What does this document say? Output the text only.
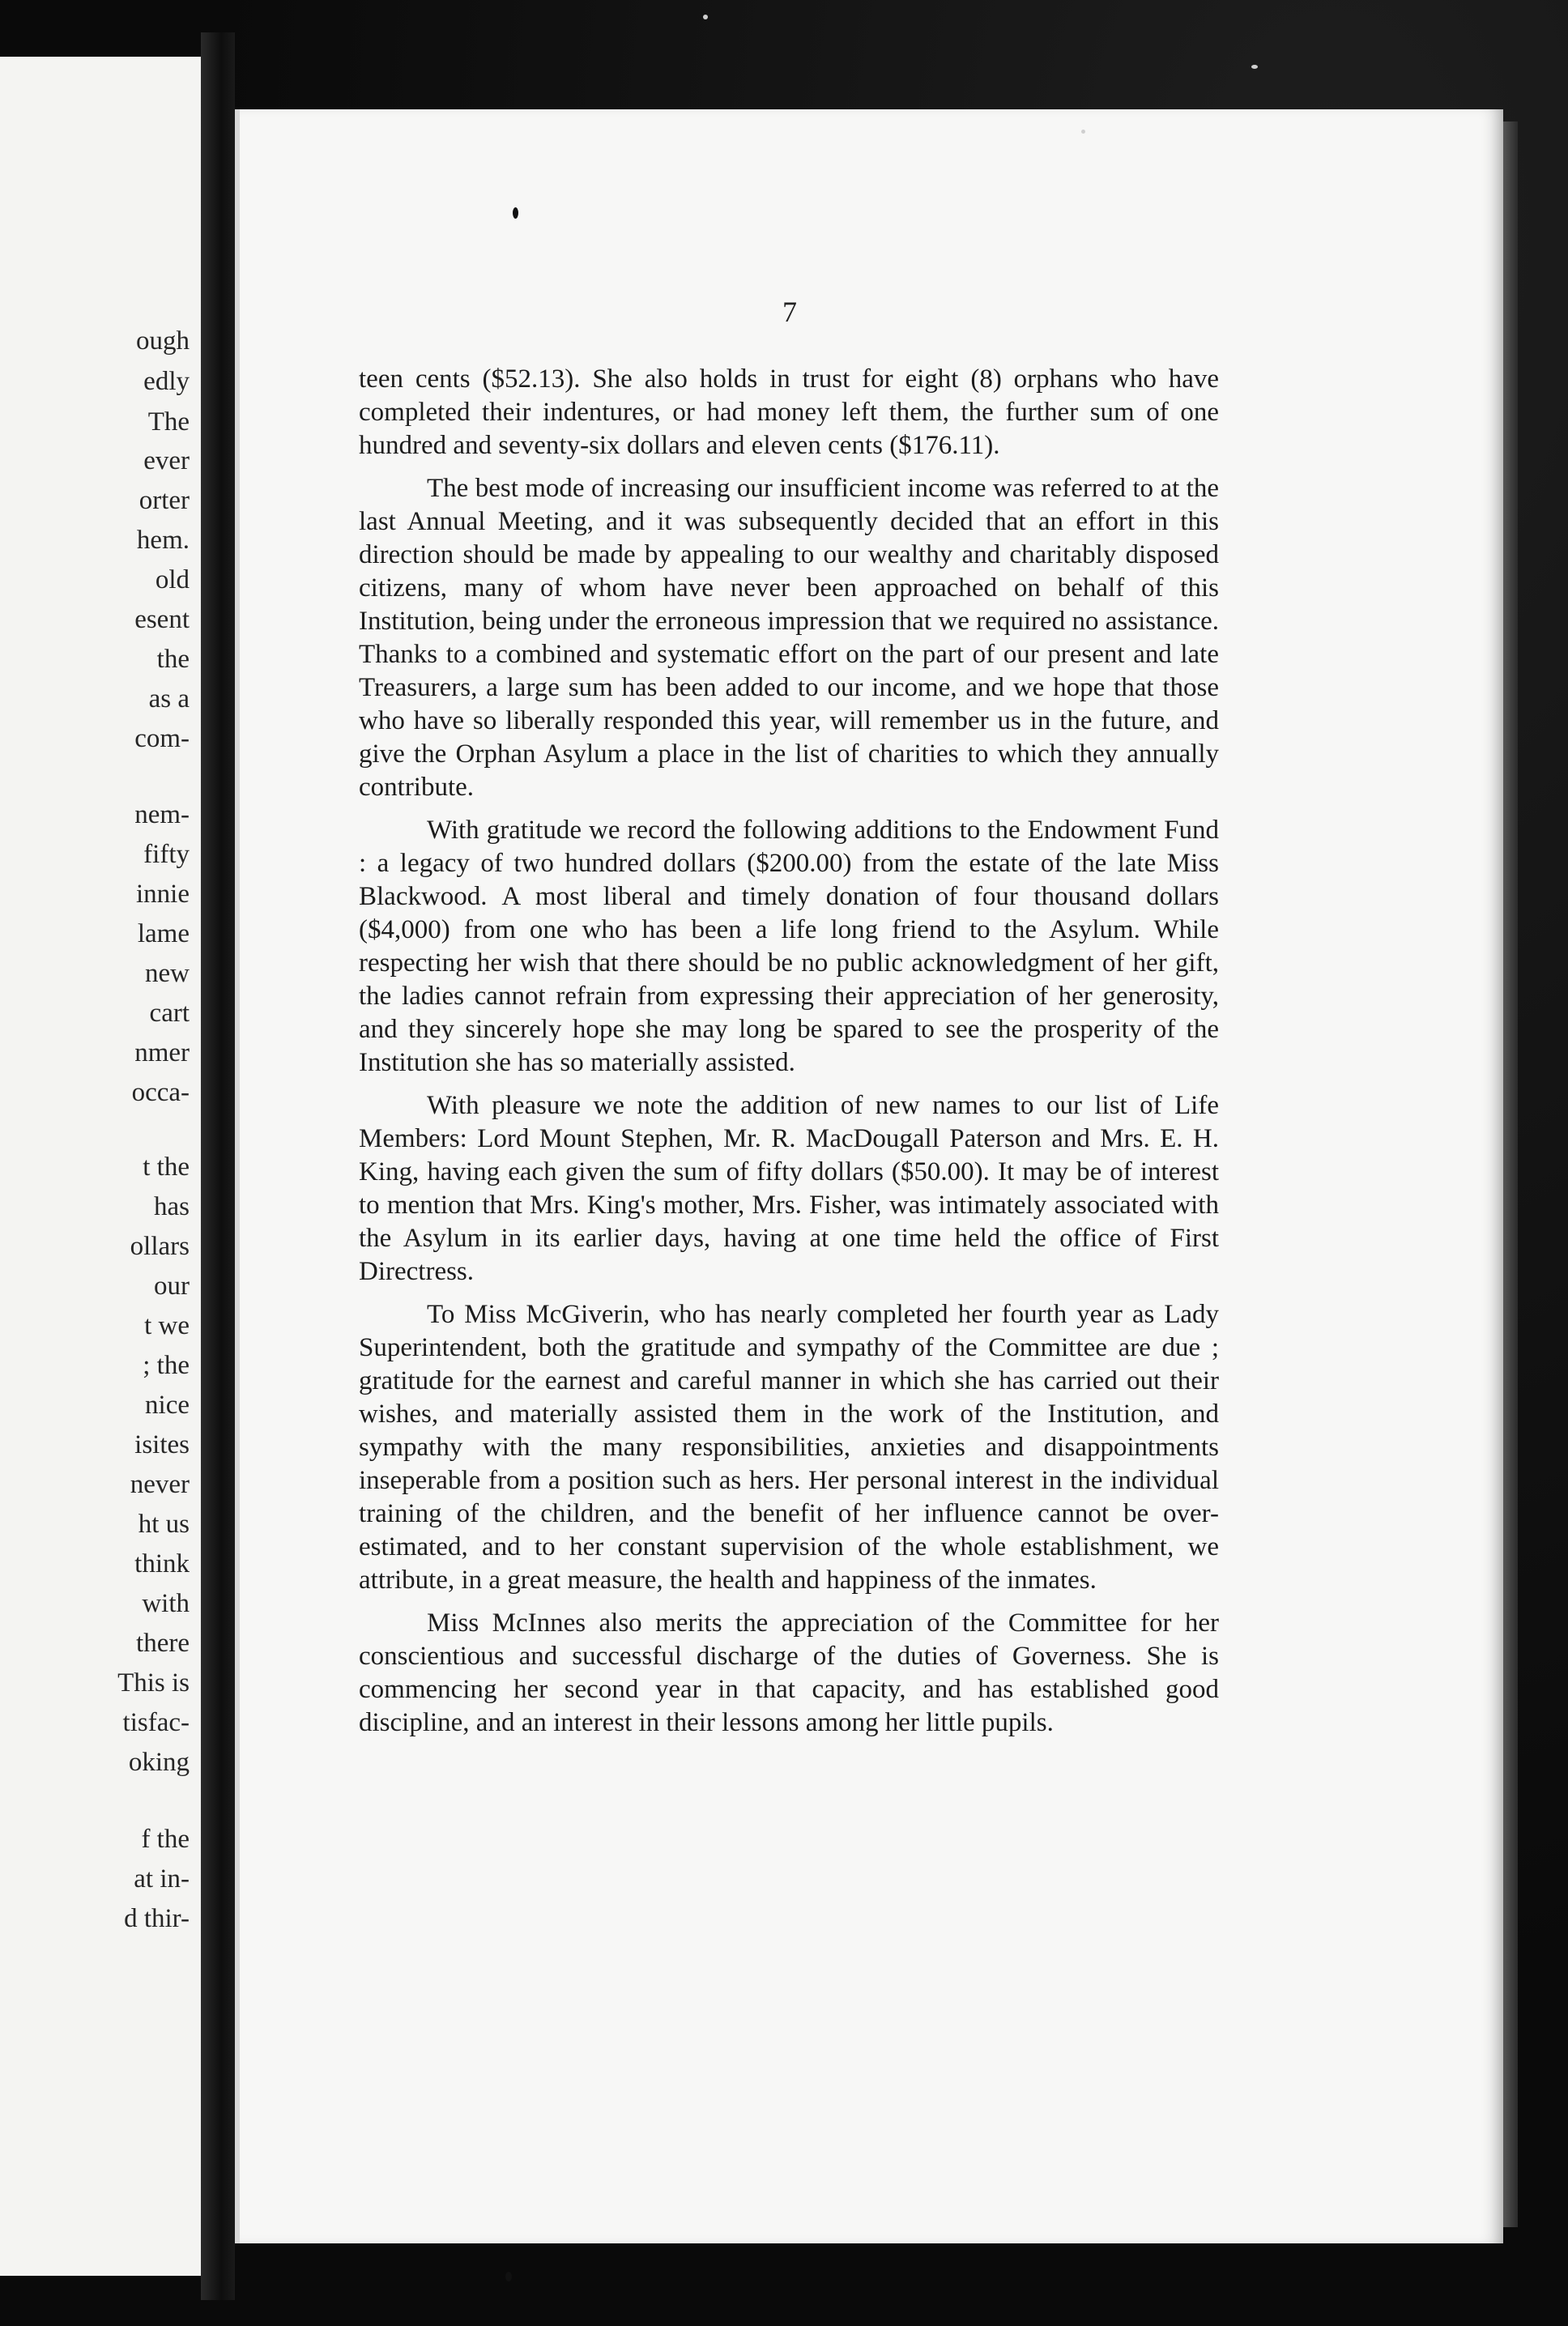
ough
edly
The
ever
orter
hem.
old
esent
the
as a
com-
nem-
fifty
innie
lame
new
cart
nmer
occa-
t the
has
ollars
our
t we
; the
nice
isites
never
ht us
think
with
there
This is
tisfac-
oking
f the
at in-
d thir-
7

teen cents ($52.13). She also holds in trust for eight (8) orphans who have completed their indentures, or had money left them, the further sum of one hundred and seventy-six dollars and eleven cents ($176.11).

The best mode of increasing our insufficient income was referred to at the last Annual Meeting, and it was subsequently decided that an effort in this direction should be made by appealing to our wealthy and charitably disposed citizens, many of whom have never been approached on behalf of this Institution, being under the erroneous impression that we required no assistance. Thanks to a combined and systematic effort on the part of our present and late Treasurers, a large sum has been added to our income, and we hope that those who have so liberally responded this year, will remember us in the future, and give the Orphan Asylum a place in the list of charities to which they annually contribute.

With gratitude we record the following additions to the Endowment Fund : a legacy of two hundred dollars ($200.00) from the estate of the late Miss Blackwood. A most liberal and timely donation of four thousand dollars ($4,000) from one who has been a life long friend to the Asylum. While respecting her wish that there should be no public acknowledgment of her gift, the ladies cannot refrain from expressing their appreciation of her generosity, and they sincerely hope she may long be spared to see the prosperity of the Institution she has so materially assisted.

With pleasure we note the addition of new names to our list of Life Members: Lord Mount Stephen, Mr. R. MacDougall Paterson and Mrs. E. H. King, having each given the sum of fifty dollars ($50.00). It may be of interest to mention that Mrs. King's mother, Mrs. Fisher, was intimately associated with the Asylum in its earlier days, having at one time held the office of First Directress.

To Miss McGiverin, who has nearly completed her fourth year as Lady Superintendent, both the gratitude and sympathy of the Committee are due ; gratitude for the earnest and careful manner in which she has carried out their wishes, and materially assisted them in the work of the Institution, and sympathy with the many responsibilities, anxieties and disappointments inseperable from a position such as hers. Her personal interest in the individual training of the children, and the benefit of her influence cannot be over-estimated, and to her constant supervision of the whole establishment, we attribute, in a great measure, the health and happiness of the inmates.

Miss McInnes also merits the appreciation of the Committee for her conscientious and successful discharge of the duties of Governess. She is commencing her second year in that capacity, and has established good discipline, and an interest in their lessons among her little pupils.
